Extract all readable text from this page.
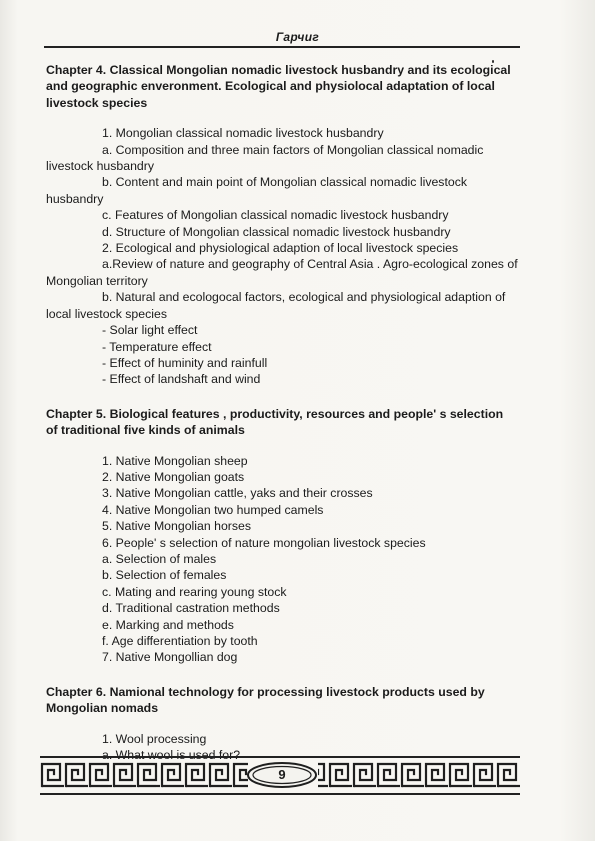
Гарчиг

Chapter 4. Classical Mongolian nomadic livestock husbandry and its ecological and geographic enveronment. Ecological and physiolocal adaptation of local livestock species

1. Mongolian classical nomadic livestock husbandry

a. Composition and three main factors of Mongolian classical nomadic livestock husbandry

b. Content and main point of Mongolian classical nomadic livestock husbandry

c. Features of Mongolian classical nomadic livestock husbandry

d. Structure of Mongolian classical nomadic livestock husbandry

2. Ecological and physiological adaption of local livestock species

a.Review of nature and geography of Central Asia . Agro-ecological zones of Mongolian territory

b. Natural and ecologocal factors, ecological and physiological adaption of local livestock species

- Solar light effect

- Temperature effect

- Effect of huminity and rainfull

- Effect of landshaft and wind

Chapter 5. Biological features , productivity, resources and people' s selection of traditional five kinds of animals

1. Native Mongolian sheep

2. Native Mongolian goats

3. Native Mongolian cattle, yaks and their crosses

4. Native Mongolian two humped camels

5. Native Mongolian horses

6. People' s selection of nature mongolian livestock species

a. Selection of males

b. Selection of females

c. Mating and rearing young stock

d. Traditional castration methods

e. Marking and methods

f. Age differentiation by tooth

7. Native Mongollian dog

Chapter 6. Namional technology for processing livestock products used by Mongolian nomads

1. Wool processing

9
